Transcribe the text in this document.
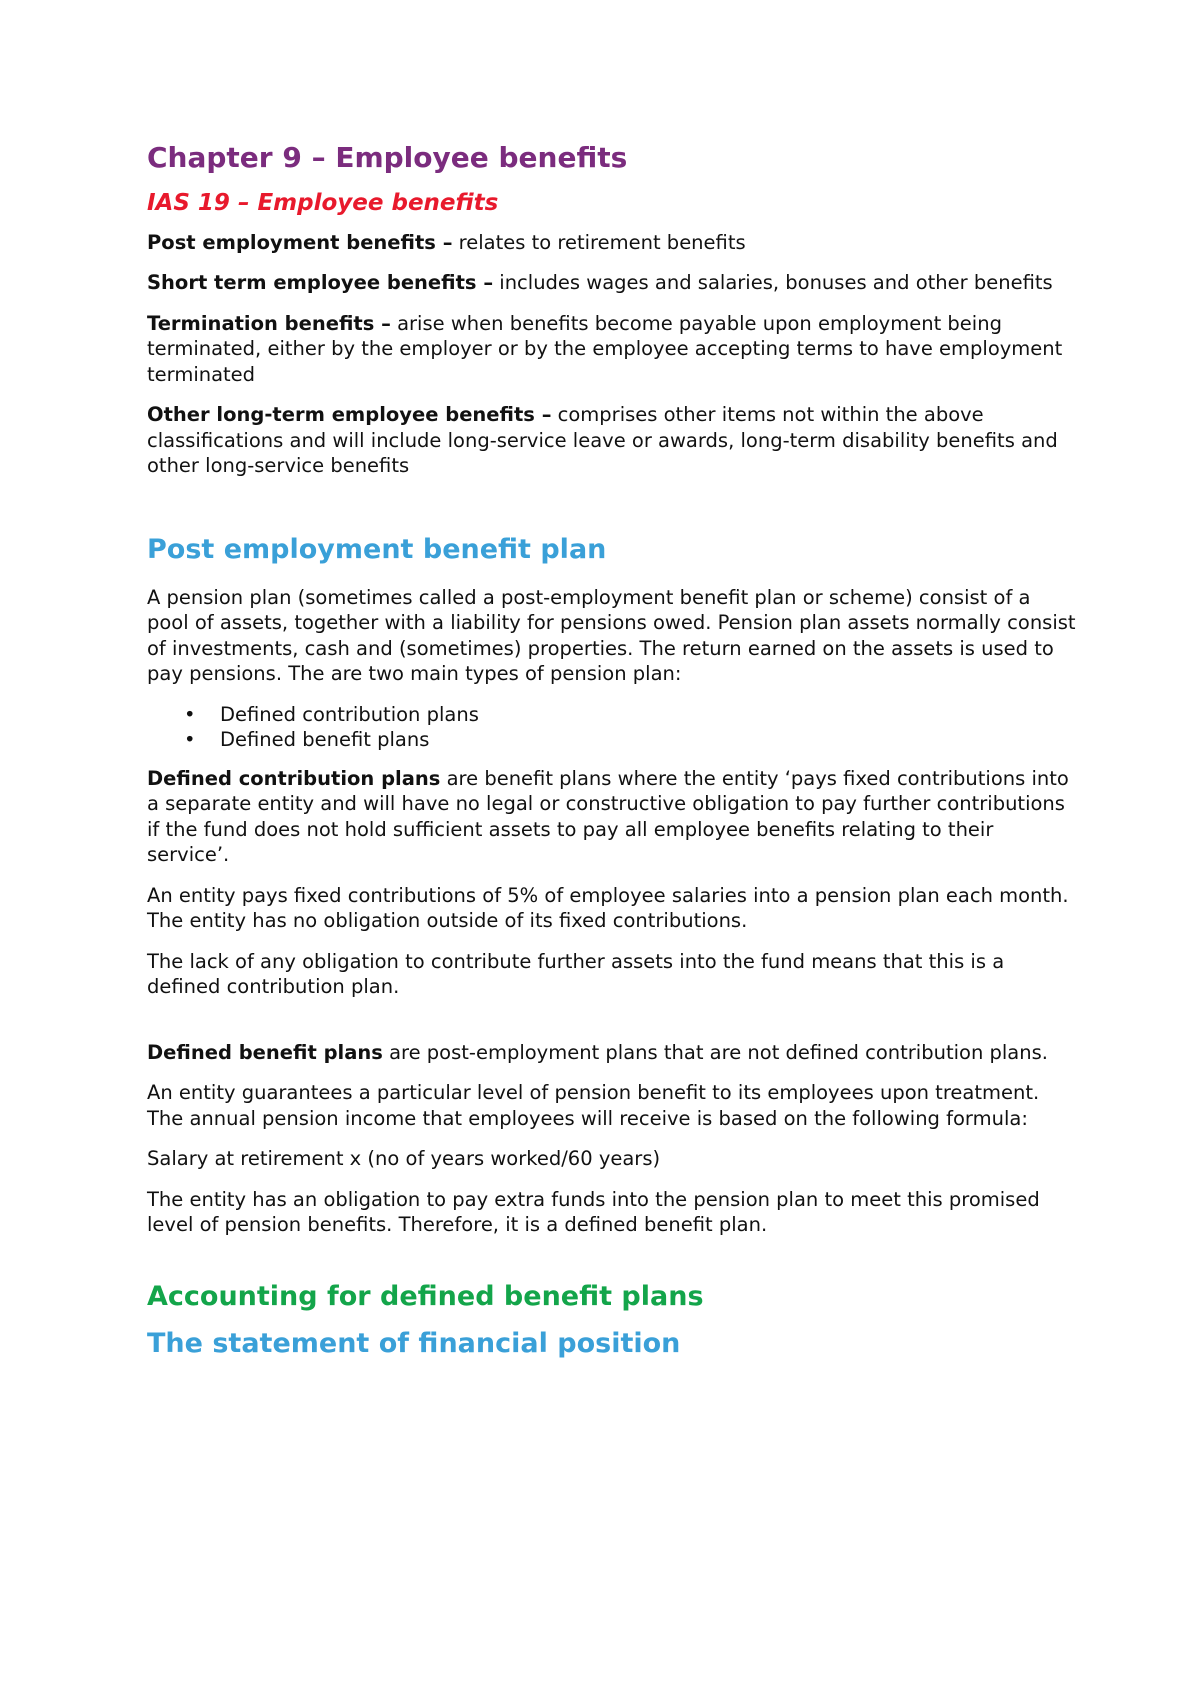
Chapter 9 – Employee benefits
IAS 19 – Employee benefits

Post employment benefits – relates to retirement benefits

Short term employee benefits – includes wages and salaries, bonuses and other benefits

Termination benefits – arise when benefits become payable upon employment being terminated, either by the employer or by the employee accepting terms to have employment terminated

Other long-term employee benefits – comprises other items not within the above classifications and will include long-service leave or awards, long-term disability benefits and other long-service benefits

Post employment benefit plan

A pension plan (sometimes called a post-employment benefit plan or scheme) consist of a pool of assets, together with a liability for pensions owed. Pension plan assets normally consist of investments, cash and (sometimes) properties. The return earned on the assets is used to pay pensions. The are two main types of pension plan:

• Defined contribution plans
• Defined benefit plans

Defined contribution plans are benefit plans where the entity ‘pays fixed contributions into a separate entity and will have no legal or constructive obligation to pay further contributions if the fund does not hold sufficient assets to pay all employee benefits relating to their service’.

An entity pays fixed contributions of 5% of employee salaries into a pension plan each month. The entity has no obligation outside of its fixed contributions.

The lack of any obligation to contribute further assets into the fund means that this is a defined contribution plan.

Defined benefit plans are post-employment plans that are not defined contribution plans.

An entity guarantees a particular level of pension benefit to its employees upon treatment. The annual pension income that employees will receive is based on the following formula:

Salary at retirement x (no of years worked/60 years)

The entity has an obligation to pay extra funds into the pension plan to meet this promised level of pension benefits. Therefore, it is a defined benefit plan.

Accounting for defined benefit plans
The statement of financial position
